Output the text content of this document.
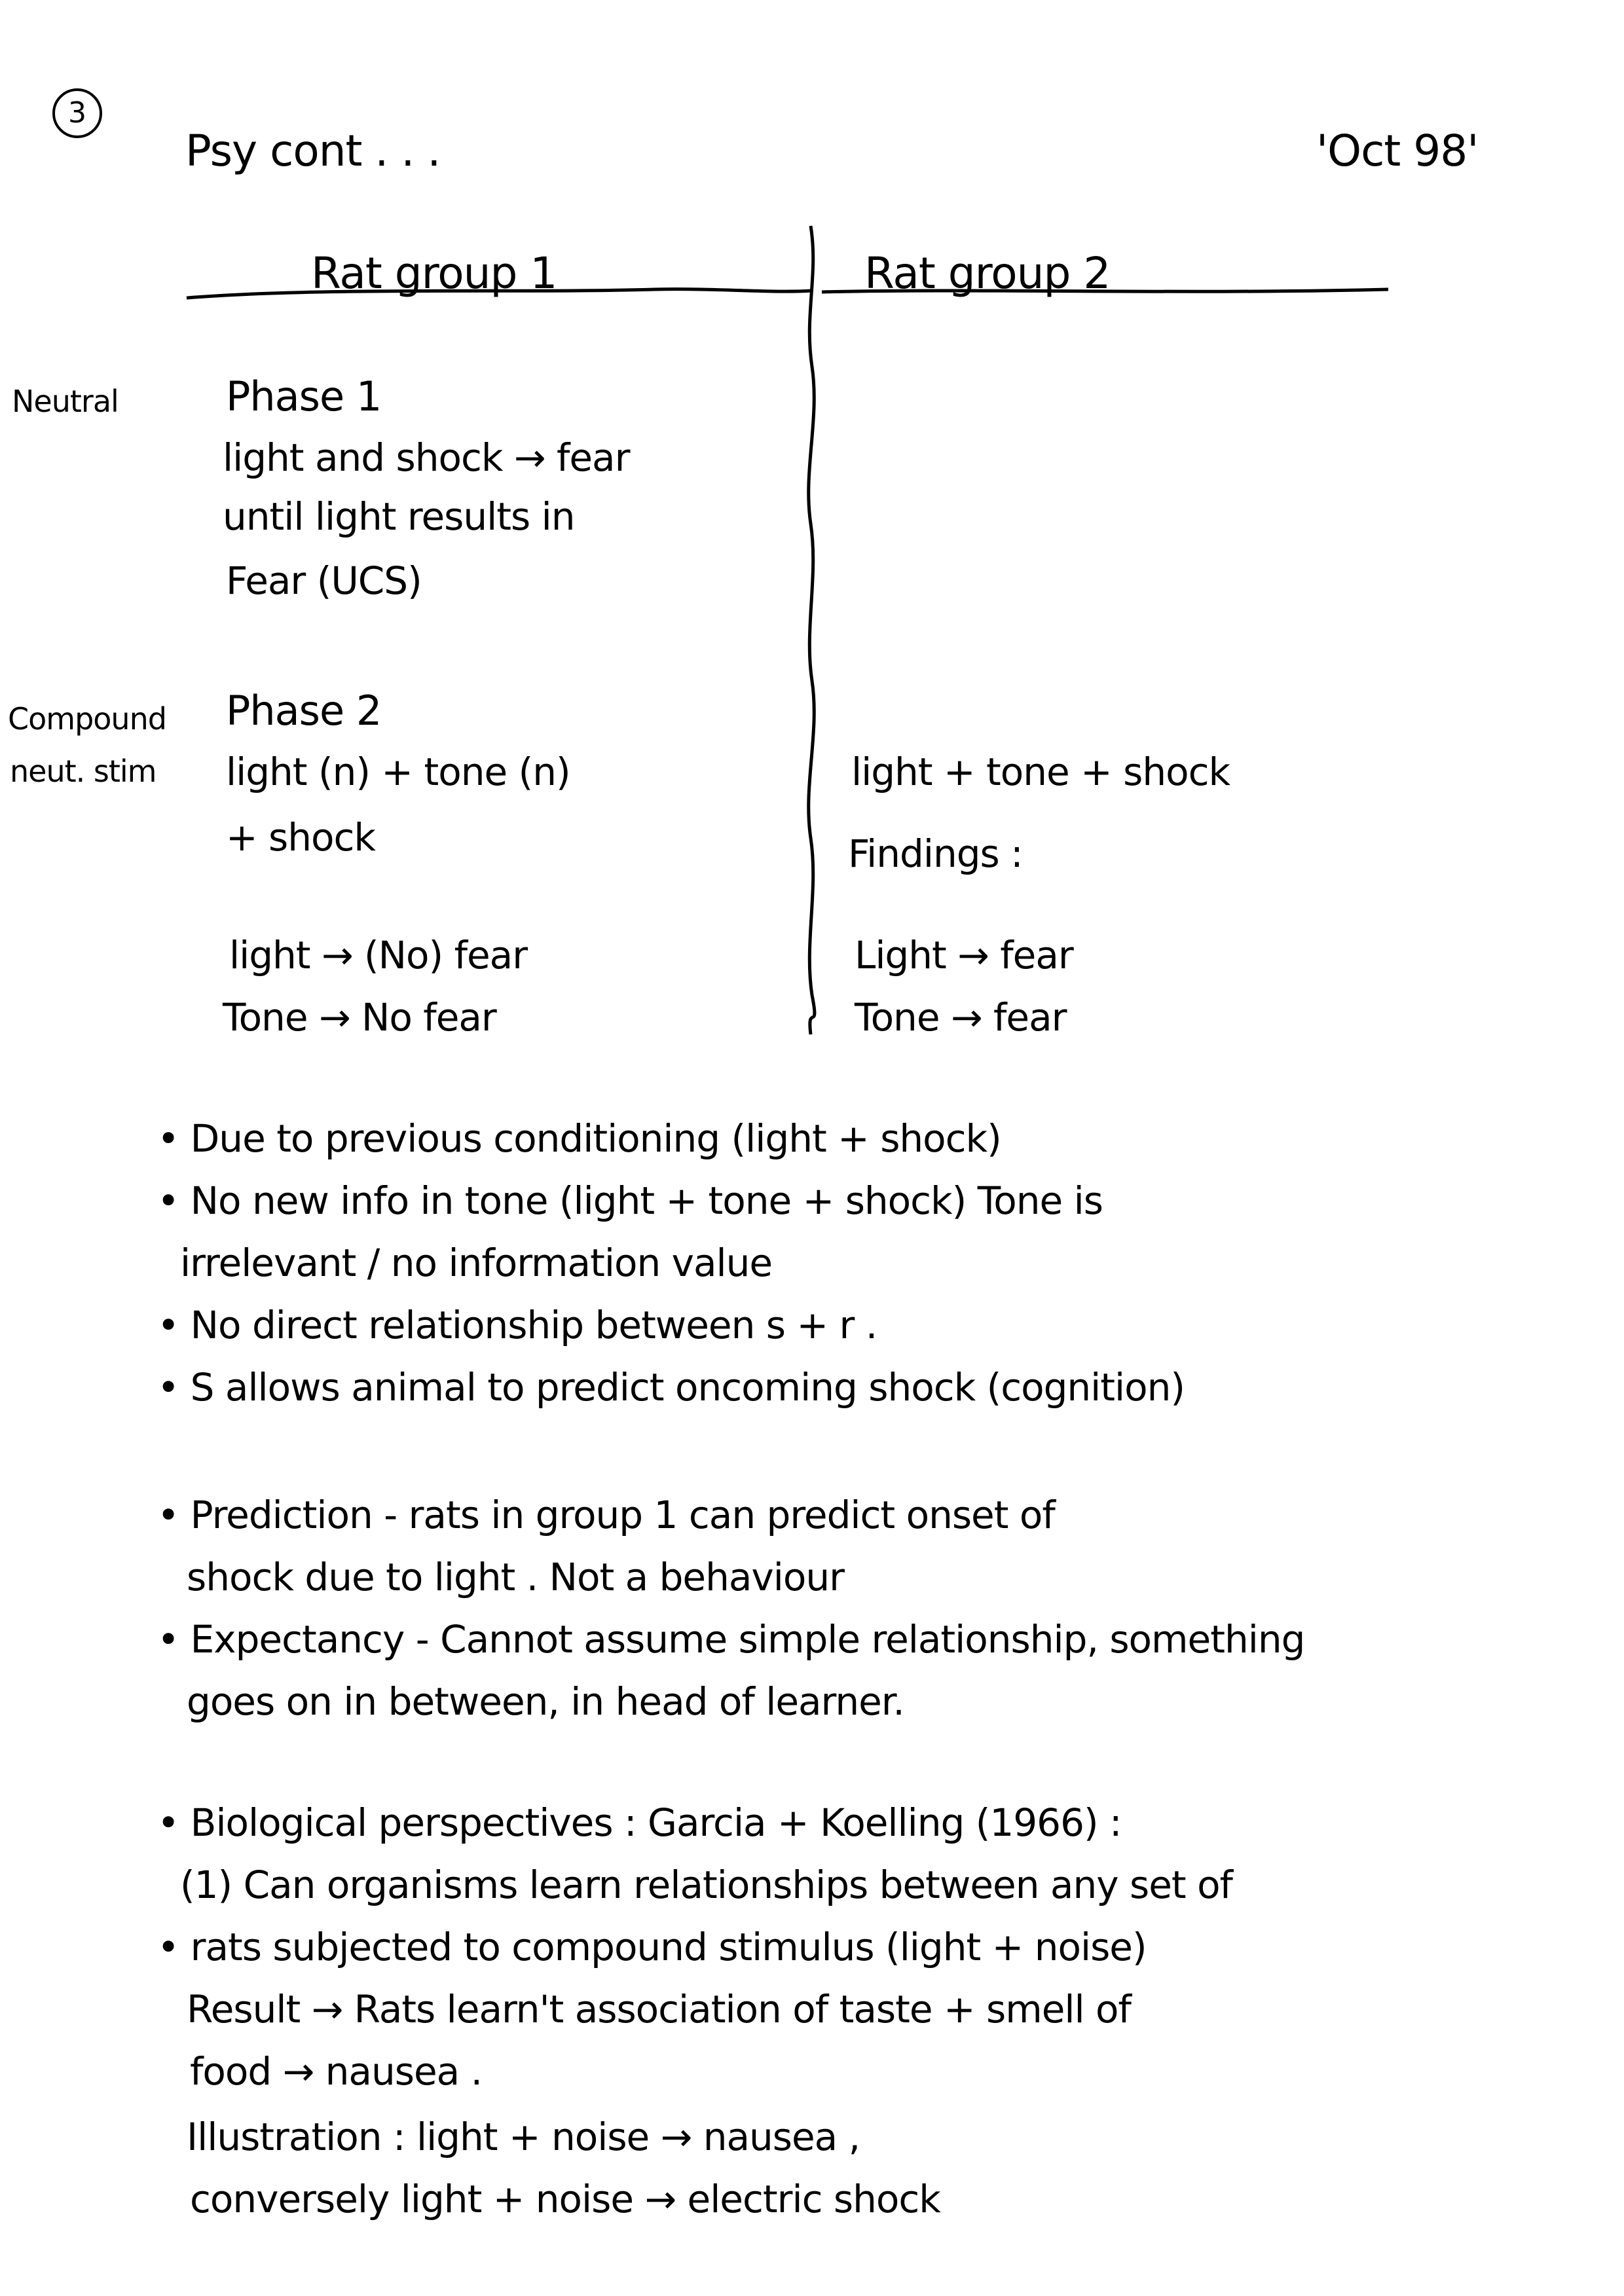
3
Psy cont . . .	'Oct 98'
Rat group 1	Rat group 2
Neutral
Compound
neut. stim
Phase 1
light and shock → fear
until light results in
Fear (UCS)
Phase 2
light (n) + tone (n)
+ shock
light → (No) fear
Tone → No fear
light + tone + shock
Findings :
Light → fear
Tone → fear
• Due to previous conditioning (light + shock)
• No new info in tone (light + tone + shock) Tone is
irrelevant / no information value
• No direct relationship between s + r .
• S allows animal to predict oncoming shock (cognition)
• Prediction - rats in group 1 can predict onset of
shock due to light . Not a behaviour
• Expectancy - Cannot assume simple relationship, something
goes on in between, in head of learner.
• Biological perspectives : Garcia + Koelling (1966) :
(1) Can organisms learn relationships between any set of
• rats subjected to compound stimulus (light + noise)
Result → Rats learn't association of taste + smell of
food → nausea .
Illustration : light + noise → nausea ,
conversely light + noise → electric shock
